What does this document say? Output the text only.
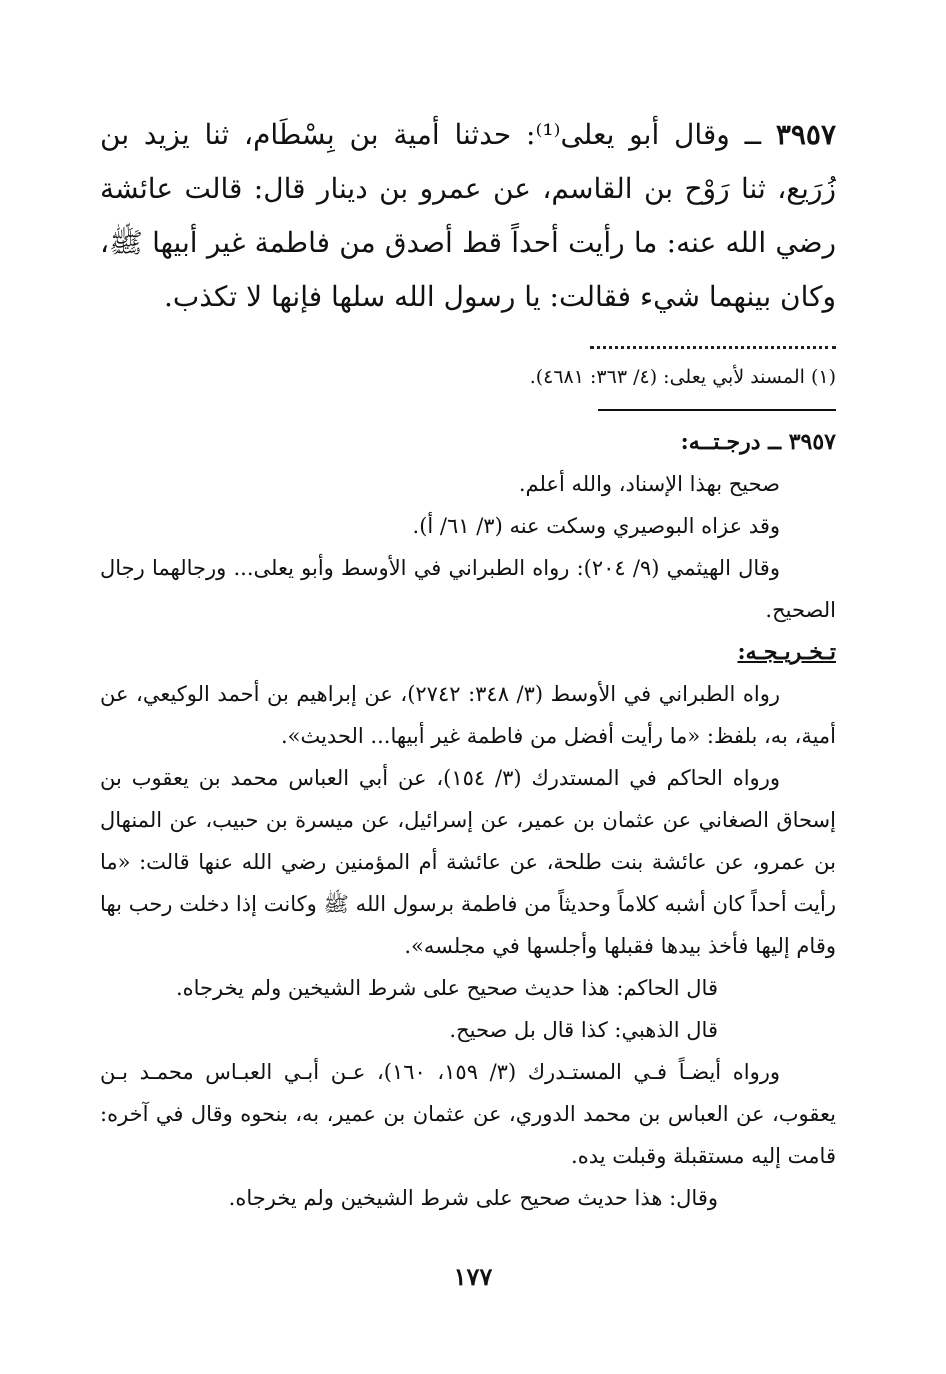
٣٩٥٧ ــ وقال أبو يعلى⁽¹⁾: حدثنا أمية بن بِسْطَام، ثنا يزيد بن زُرَيع، ثنا رَوْح بن القاسم، عن عمرو بن دينار قال: قالت عائشة رضي الله عنه: ما رأيت أحداً قط أصدق من فاطمة غير أبيها ﷺ، وكان بينهما شيء فقالت: يا رسول الله سلها فإنها لا تكذب.

(١) المسند لأبي يعلى: (٤/ ٣٦٣: ٤٦٨١).

٣٩٥٧ ــ درجـتــه:

صحيح بهذا الإسناد، والله أعلم.

وقد عزاه البوصيري وسكت عنه (٣/ ٦١/ أ).

وقال الهيثمي (٩/ ٢٠٤): رواه الطبراني في الأوسط وأبو يعلى... ورجالهما رجال الصحيح.

تـخـريـجـه:

رواه الطبراني في الأوسط (٣/ ٣٤٨: ٢٧٤٢)، عن إبراهيم بن أحمد الوكيعي، عن أمية، به، بلفظ: «ما رأيت أفضل من فاطمة غير أبيها... الحديث».

ورواه الحاكم في المستدرك (٣/ ١٥٤)، عن أبي العباس محمد بن يعقوب بن إسحاق الصغاني عن عثمان بن عمير، عن إسرائيل، عن ميسرة بن حبيب، عن المنهال بن عمرو، عن عائشة بنت طلحة، عن عائشة أم المؤمنين رضي الله عنها قالت: «ما رأيت أحداً كان أشبه كلاماً وحديثاً من فاطمة برسول الله ﷺ وكانت إذا دخلت رحب بها وقام إليها فأخذ بيدها فقبلها وأجلسها في مجلسه».

قال الحاكم: هذا حديث صحيح على شرط الشيخين ولم يخرجاه.

قال الذهبي: كذا قال بل صحيح.

ورواه أيضـاً فـي المستـدرك (٣/ ١٥٩، ١٦٠)، عـن أبـي العبـاس محمـد بـن يعقوب، عن العباس بن محمد الدوري، عن عثمان بن عمير، به، بنحوه وقال في آخره: قامت إليه مستقبلة وقبلت يده.

وقال: هذا حديث صحيح على شرط الشيخين ولم يخرجاه.

١٧٧
